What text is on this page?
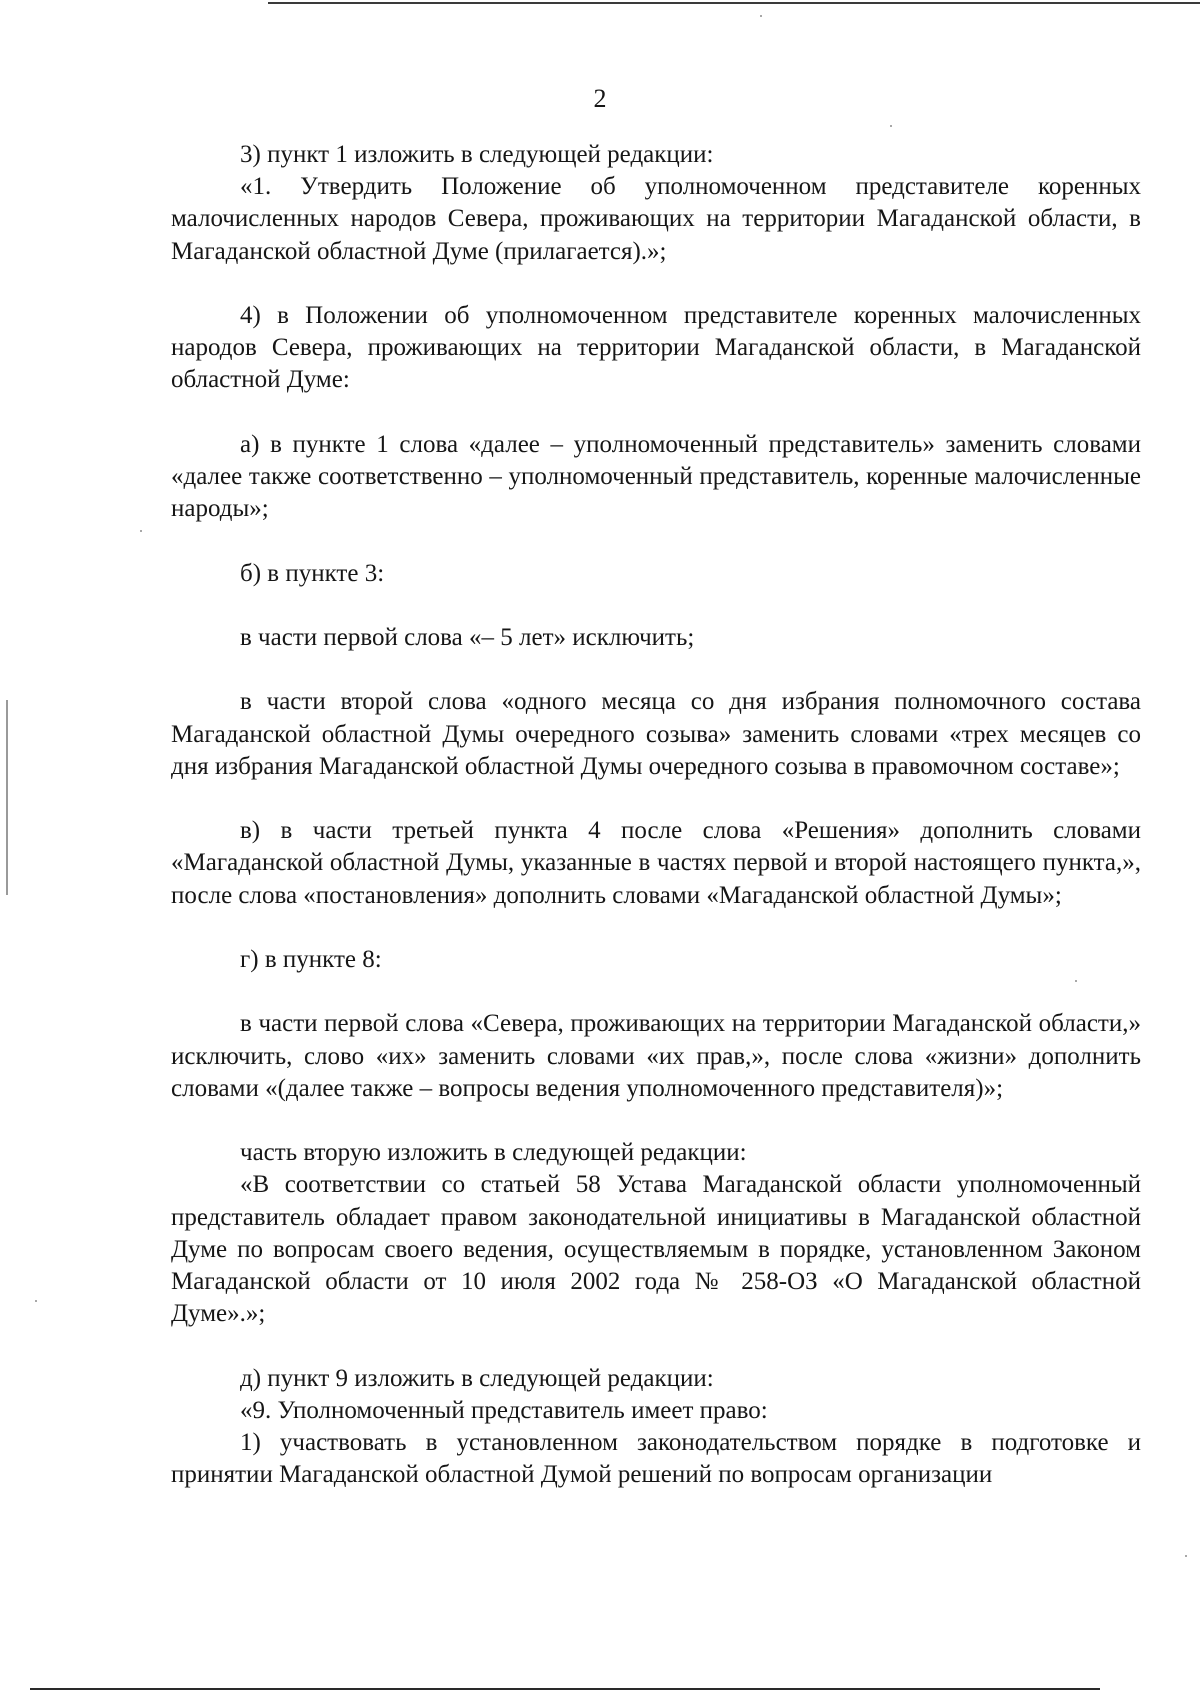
2

3) пункт 1 изложить в следующей редакции:

«1. Утвердить Положение об уполномоченном представителе коренных малочисленных народов Севера, проживающих на территории Магаданской области, в Магаданской областной Думе (прилагается).»;

4) в Положении об уполномоченном представителе коренных малочисленных народов Севера, проживающих на территории Магаданской области, в Магаданской областной Думе:

а) в пункте 1 слова «далее – уполномоченный представитель» заменить словами «далее также соответственно – уполномоченный представитель, коренные малочисленные народы»;

б) в пункте 3:

в части первой слова «– 5 лет» исключить;

в части второй слова «одного месяца со дня избрания полномочного состава Магаданской областной Думы очередного созыва» заменить словами «трех месяцев со дня избрания Магаданской областной Думы очередного созыва в правомочном составе»;

в) в части третьей пункта 4 после слова «Решения» дополнить словами «Магаданской областной Думы, указанные в частях первой и второй настоящего пункта,», после слова «постановления» дополнить словами «Магаданской областной Думы»;

г) в пункте 8:

в части первой слова «Севера, проживающих на территории Магаданской области,» исключить, слово «их» заменить словами «их прав,», после слова «жизни» дополнить словами «(далее также – вопросы ведения уполномоченного представителя)»;

часть вторую изложить в следующей редакции:

«В соответствии со статьей 58 Устава Магаданской области уполномоченный представитель обладает правом законодательной инициативы в Магаданской областной Думе по вопросам своего ведения, осуществляемым в порядке, установленном Законом Магаданской области от 10 июля 2002 года № 258-ОЗ «О Магаданской областной Думе».»;

д) пункт 9 изложить в следующей редакции:

«9. Уполномоченный представитель имеет право:

1) участвовать в установленном законодательством порядке в подготовке и принятии Магаданской областной Думой решений по вопросам организации
